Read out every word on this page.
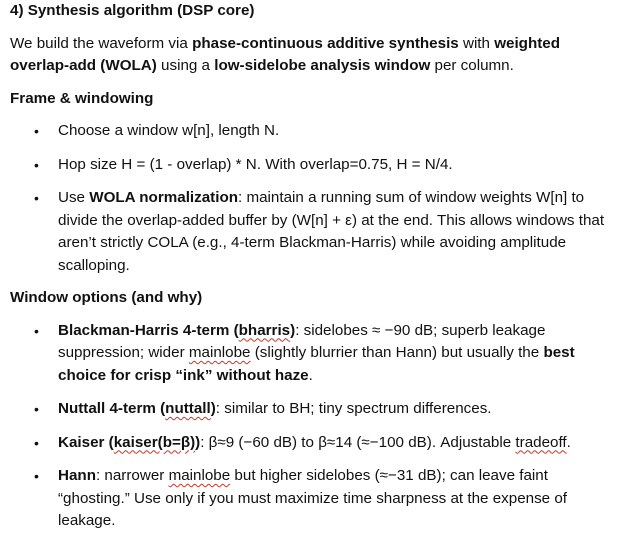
4) Synthesis algorithm (DSP core)

We build the waveform via phase-continuous additive synthesis with weighted overlap-add (WOLA) using a low-sidelobe analysis window per column.

Frame & windowing

• Choose a window w[n], length N.
• Hop size H = (1 - overlap) * N. With overlap=0.75, H = N/4.
• Use WOLA normalization: maintain a running sum of window weights W[n] to divide the overlap-added buffer by (W[n] + ε) at the end. This allows windows that aren’t strictly COLA (e.g., 4-term Blackman-Harris) while avoiding amplitude scalloping.

Window options (and why)

• Blackman-Harris 4-term (bharris): sidelobes ≈ −90 dB; superb leakage suppression; wider mainlobe (slightly blurrier than Hann) but usually the best choice for crisp “ink” without haze.
• Nuttall 4-term (nuttall): similar to BH; tiny spectrum differences.
• Kaiser (kaiser(b=β)): β≈9 (−60 dB) to β≈14 (≈−100 dB). Adjustable tradeoff.
• Hann: narrower mainlobe but higher sidelobes (≈−31 dB); can leave faint “ghosting.” Use only if you must maximize time sharpness at the expense of leakage.
